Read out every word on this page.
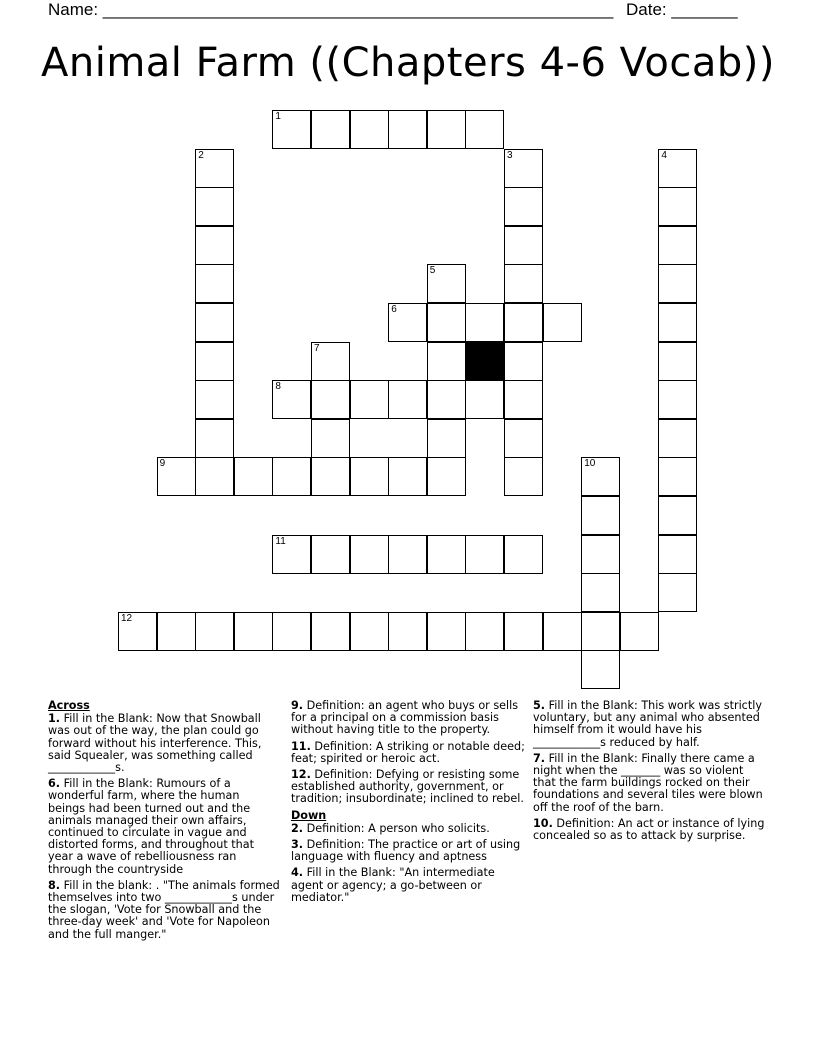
Name: ______________________________________________________ Date: _______
Animal Farm ((Chapters 4-6 Vocab))
1
2	3	4
5
6
7
8
9	10
11
12
Across
1. Fill in the Blank: Now that Snowball was out of the way, the plan could go forward without his interference. This, said Squealer, was something called ____________s.
6. Fill in the Blank: Rumours of a wonderful farm, where the human beings had been turned out and the animals managed their own affairs, continued to circulate in vague and distorted forms, and throughout that year a wave of rebelliousness ran through the countryside
8. Fill in the blank: . "The animals formed themselves into two ____________s under the slogan, 'Vote for Snowball and the three-day week' and 'Vote for Napoleon and the full manger."
9. Definition: an agent who buys or sells for a principal on a commission basis without having title to the property.
11. Definition: A striking or notable deed; feat; spirited or heroic act.
12. Definition: Defying or resisting some established authority, government, or tradition; insubordinate; inclined to rebel.
Down
2. Definition: A person who solicits.
3. Definition: The practice or art of using language with fluency and aptness
4. Fill in the Blank: "An intermediate agent or agency; a go-between or mediator."
5. Fill in the Blank: This work was strictly voluntary, but any animal who absented himself from it would have his ____________s reduced by half.
7. Fill in the Blank: Finally there came a night when the _______ was so violent that the farm buildings rocked on their foundations and several tiles were blown off the roof of the barn.
10. Definition: An act or instance of lying concealed so as to attack by surprise.
